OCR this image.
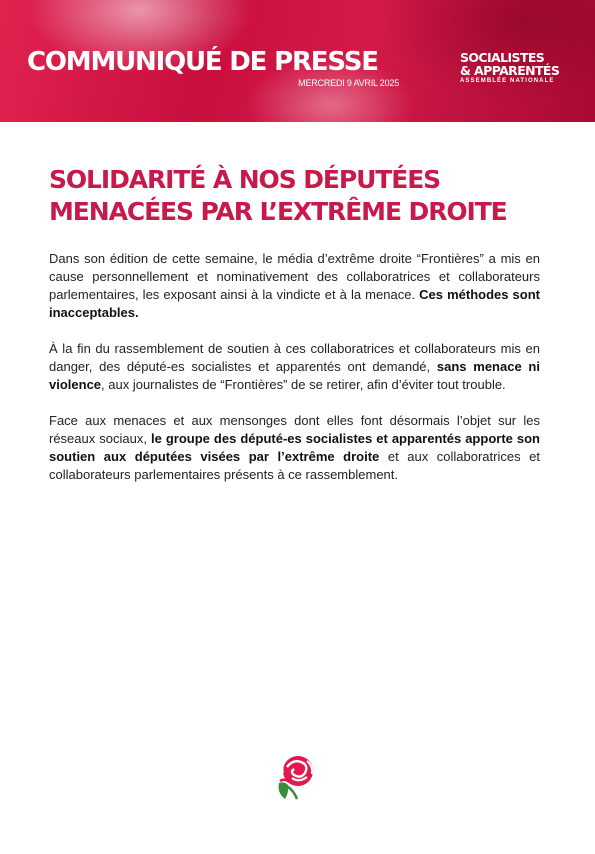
COMMUNIQUÉ DE PRESSE
MERCREDI 9 AVRIL 2025
SOCIALISTES
& APPARENTÉS
ASSEMBLÉE NATIONALE
SOLIDARITÉ À NOS DÉPUTÉES
MENACÉES PAR L’EXTRÊME DROITE

Dans son édition de cette semaine, le média d’extrême droite “Frontières” a mis en cause personnellement et nominativement des collaboratrices et collaborateurs parlementaires, les exposant ainsi à la vindicte et à la menace. Ces méthodes sont inacceptables.

À la fin du rassemblement de soutien à ces collaboratrices et collaborateurs mis en danger, des député-es socialistes et apparentés ont demandé, sans menace ni violence, aux journalistes de “Frontières” de se retirer, afin d’éviter tout trouble.

Face aux menaces et aux mensonges dont elles font désormais l’objet sur les réseaux sociaux, le groupe des député-es socialistes et apparentés apporte son soutien aux députées visées par l’extrême droite et aux collaboratrices et collaborateurs parlementaires présents à ce rassemblement.
